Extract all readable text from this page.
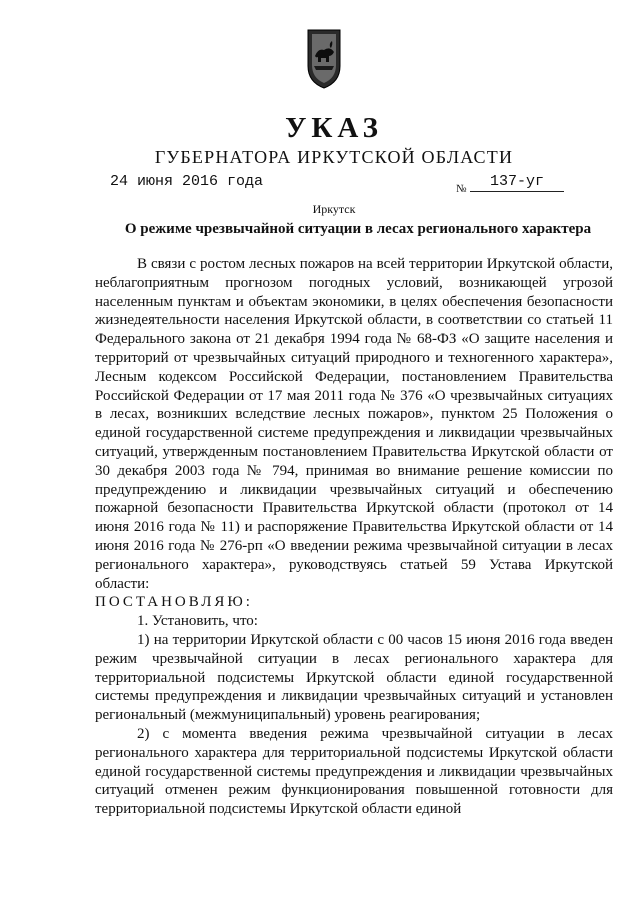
УКАЗ
ГУБЕРНАТОРА ИРКУТСКОЙ ОБЛАСТИ
24 июня 2016 года	№	137-уг
Иркутск
О режиме чрезвычайной ситуации в лесах регионального характера

В связи с ростом лесных пожаров на всей территории Иркутской области, неблагоприятным прогнозом погодных условий, возникающей угрозой населенным пунктам и объектам экономики, в целях обеспечения безопасности жизнедеятельности населения Иркутской области, в соответствии со статьей 11 Федерального закона от 21 декабря 1994 года № 68-ФЗ «О защите населения и территорий от чрезвычайных ситуаций природного и техногенного характера», Лесным кодексом Российской Федерации, постановлением Правительства Российской Федерации от 17 мая 2011 года № 376 «О чрезвычайных ситуациях в лесах, возникших вследствие лесных пожаров», пунктом 25 Положения о единой государственной системе предупреждения и ликвидации чрезвычайных ситуаций, утвержденным постановлением Правительства Иркутской области от 30 декабря 2003 года № 794, принимая во внимание решение комиссии по предупреждению и ликвидации чрезвычайных ситуаций и обеспечению пожарной безопасности Правительства Иркутской области (протокол от 14 июня 2016 года № 11) и распоряжение Правительства Иркутской области от 14 июня 2016 года № 276-рп «О введении режима чрезвычайной ситуации в лесах регионального характера», руководствуясь статьей 59 Устава Иркутской области:

ПОСТАНОВЛЯЮ:

1. Установить, что:

1) на территории Иркутской области с 00 часов 15 июня 2016 года введен режим чрезвычайной ситуации в лесах регионального характера для территориальной подсистемы Иркутской области единой государственной системы предупреждения и ликвидации чрезвычайных ситуаций и установлен региональный (межмуниципальный) уровень реагирования;

2) с момента введения режима чрезвычайной ситуации в лесах регионального характера для территориальной подсистемы Иркутской области единой государственной системы предупреждения и ликвидации чрезвычайных ситуаций отменен режим функционирования повышенной готовности для территориальной подсистемы Иркутской области единой
